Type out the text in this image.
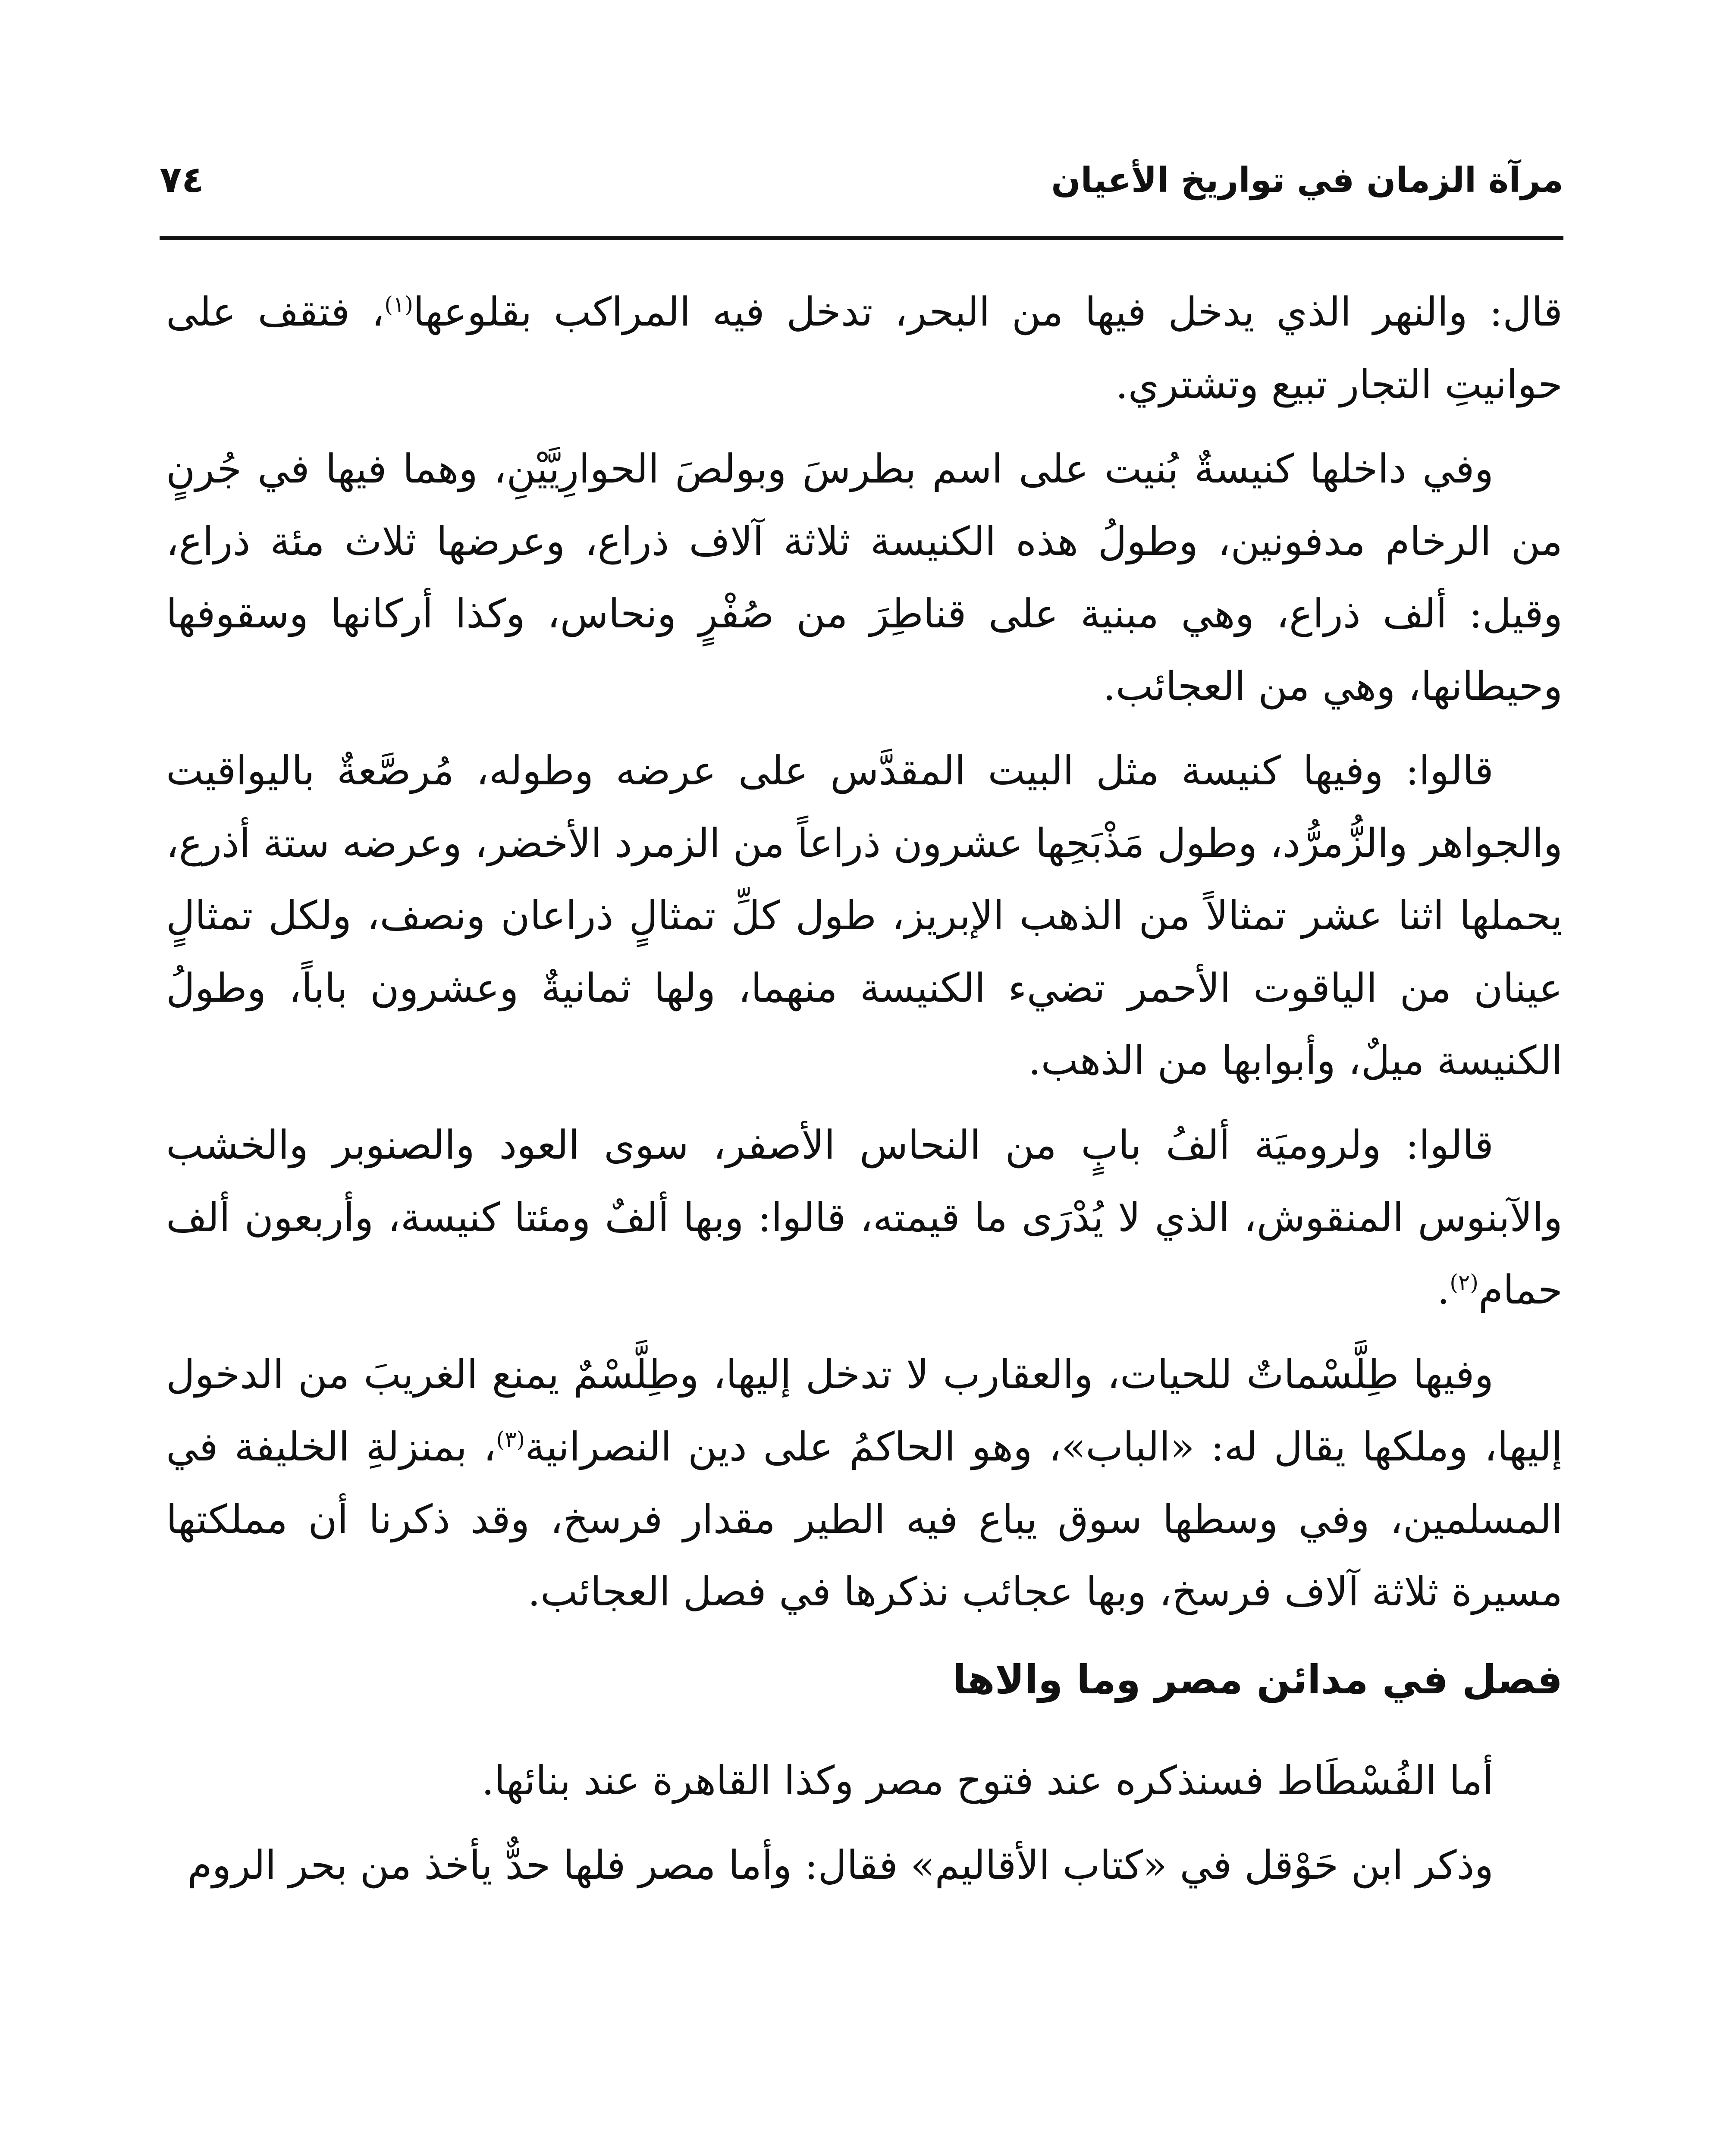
مرآة الزمان في تواريخ الأعيان
٧٤

قال: والنهر الذي يدخل فيها من البحر، تدخل فيه المراكب بقلوعها$^{(١)}$، فتقف على حوانيتِ التجار تبيع وتشتري.

وفي داخلها كنيسةٌ بُنيت على اسم بطرسَ وبولصَ الحوارِيَّيْنِ، وهما فيها في جُرنٍ من الرخام مدفونين، وطولُ هذه الكنيسة ثلاثة آلاف ذراع، وعرضها ثلاث مئة ذراع، وقيل: ألف ذراع، وهي مبنية على قناطِرَ من صُفْرٍ ونحاس، وكذا أركانها وسقوفها وحيطانها، وهي من العجائب.

قالوا: وفيها كنيسة مثل البيت المقدَّس على عرضه وطوله، مُرصَّعةٌ باليواقيت والجواهر والزُّمرُّد، وطول مَذْبَحِها عشرون ذراعاً من الزمرد الأخضر، وعرضه ستة أذرع، يحملها اثنا عشر تمثالاً من الذهب الإبريز، طول كلِّ تمثالٍ ذراعان ونصف، ولكل تمثالٍ عينان من الياقوت الأحمر تضيء الكنيسة منهما، ولها ثمانيةٌ وعشرون باباً، وطولُ الكنيسة ميلٌ، وأبوابها من الذهب.

قالوا: ولروميَة ألفُ بابٍ من النحاس الأصفر، سوى العود والصنوبر والخشب والآبنوس المنقوش، الذي لا يُدْرَى ما قيمته، قالوا: وبها ألفٌ ومئتا كنيسة، وأربعون ألف حمام$^{(٢)}$.

وفيها طِلَّسْماتٌ للحيات، والعقارب لا تدخل إليها، وطِلَّسْمٌ يمنع الغريبَ من الدخول إليها، وملكها يقال له: «الباب»، وهو الحاكمُ على دين النصرانية$^{(٣)}$، بمنزلةِ الخليفة في المسلمين، وفي وسطها سوق يباع فيه الطير مقدار فرسخ، وقد ذكرنا أن مملكتها مسيرة ثلاثة آلاف فرسخ، وبها عجائب نذكرها في فصل العجائب.

فصل في مدائن مصر وما والاها

أما الفُسْطَاط فسنذكره عند فتوح مصر وكذا القاهرة عند بنائها.

وذكر ابن حَوْقل في «كتاب الأقاليم» فقال: وأما مصر فلها حدٌّ يأخذ من بحر الروم
